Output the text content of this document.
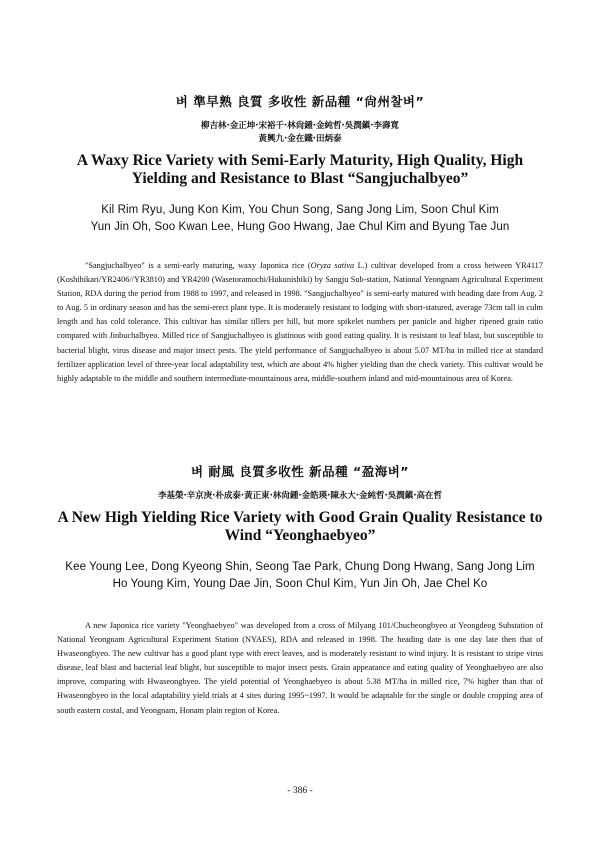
벼 準早熟 良質 多收性 新品種 “尙州찰벼”

柳吉林·金正坤·宋裕千·林尙鍾·金純哲·吳潤鎭·李壽寬

黃興九·金在鐵·田炳泰

A Waxy Rice Variety with Semi-Early Maturity, High Quality, High Yielding and Resistance to Blast “Sangjuchalbyeo”

Kil Rim Ryu, Jung Kon Kim, You Chun Song, Sang Jong Lim, Soon Chul Kim
Yun Jin Oh, Soo Kwan Lee, Hung Goo Hwang, Jae Chul Kim and Byung Tae Jun

"Sangjuchalbyeo" is a semi-early maturing, waxy Japonica rice (Oryza sativa L.) cultivar developed from a cross between YR4117 (Koshihikari/YR2406//YR3810) and YR4200 (Wasetoramochi/Hukunishiki) by Sangju Sub-station, National Yeongnam Agricultural Experiment Station, RDA during the period from 1988 to 1997, and released in 1998. "Sangjuchalbyeo" is semi-early matured with heading date from Aug. 2 to Aug. 5 in ordinary season and has the semi-erect plant type. It is moderately resistant to lodging with short-statured, average 73cm tall in culm length and has cold tolerance. This cultivar has similar tillers per hill, but more spikelet numbers per panicle and higher ripened grain ratio compared with Jinbuchalbyeo. Milled rice of Sangjuchalbyeo is glutinous with good eating quality. It is resistant to leaf blast, but susceptible to bacterial blight, virus disease and major insect pests. The yield performance of Sangjuchalbyeo is about 5.07 MT/ha in milled rice at standard fertilizer application level of three-year local adaptability test, which are about 4% higher yielding than the check variety. This cultivar would be highly adaptable to the middle and southern intermediate-mountainous area, middle-southern inland and mid-mountainous area of Korea.

벼 耐風 良質多收性 新品種 “盈海벼”

李基榮·辛京庚·朴成泰·黃正東·林尙鍾·金皓瑛·陳永大·金純哲·吳潤鎭·高在哲

A New High Yielding Rice Variety with Good Grain Quality Resistance to Wind “Yeonghaebyeo”

Kee Young Lee, Dong Kyeong Shin, Seong Tae Park, Chung Dong Hwang, Sang Jong Lim
Ho Young Kim, Young Dae Jin, Soon Chul Kim, Yun Jin Oh, Jae Chel Ko

A new Japonica rice variety "Yeonghaebyeo" was developed from a cross of Milyang 101/Chucheongbyeo at Yeongdeog Substation of National Yeongnam Agricultural Experiment Station (NYAES), RDA and released in 1998. The heading date is one day late then that of Hwaseongbyeo. The new cultivar has a good plant type with erect leaves, and is moderately resistant to wind injury. It is resistant to stripe virus disease, leaf blast and bacterial leaf blight, but susceptible to major insect pests. Grain appearance and eating quality of Yeonghaebyeo are also improve, comparing with Hwaseongbyeo. The yield potential of Yeonghaebyeo is about 5.38 MT/ha in milled rice, 7% higher than that of Hwaseongbyeo in the local adaptability yield trials at 4 sites during 1995~1997. It would be adaptable for the single or double cropping area of south eastern costal, and Yeongnam, Honam plain region of Korea.

- 386 -
